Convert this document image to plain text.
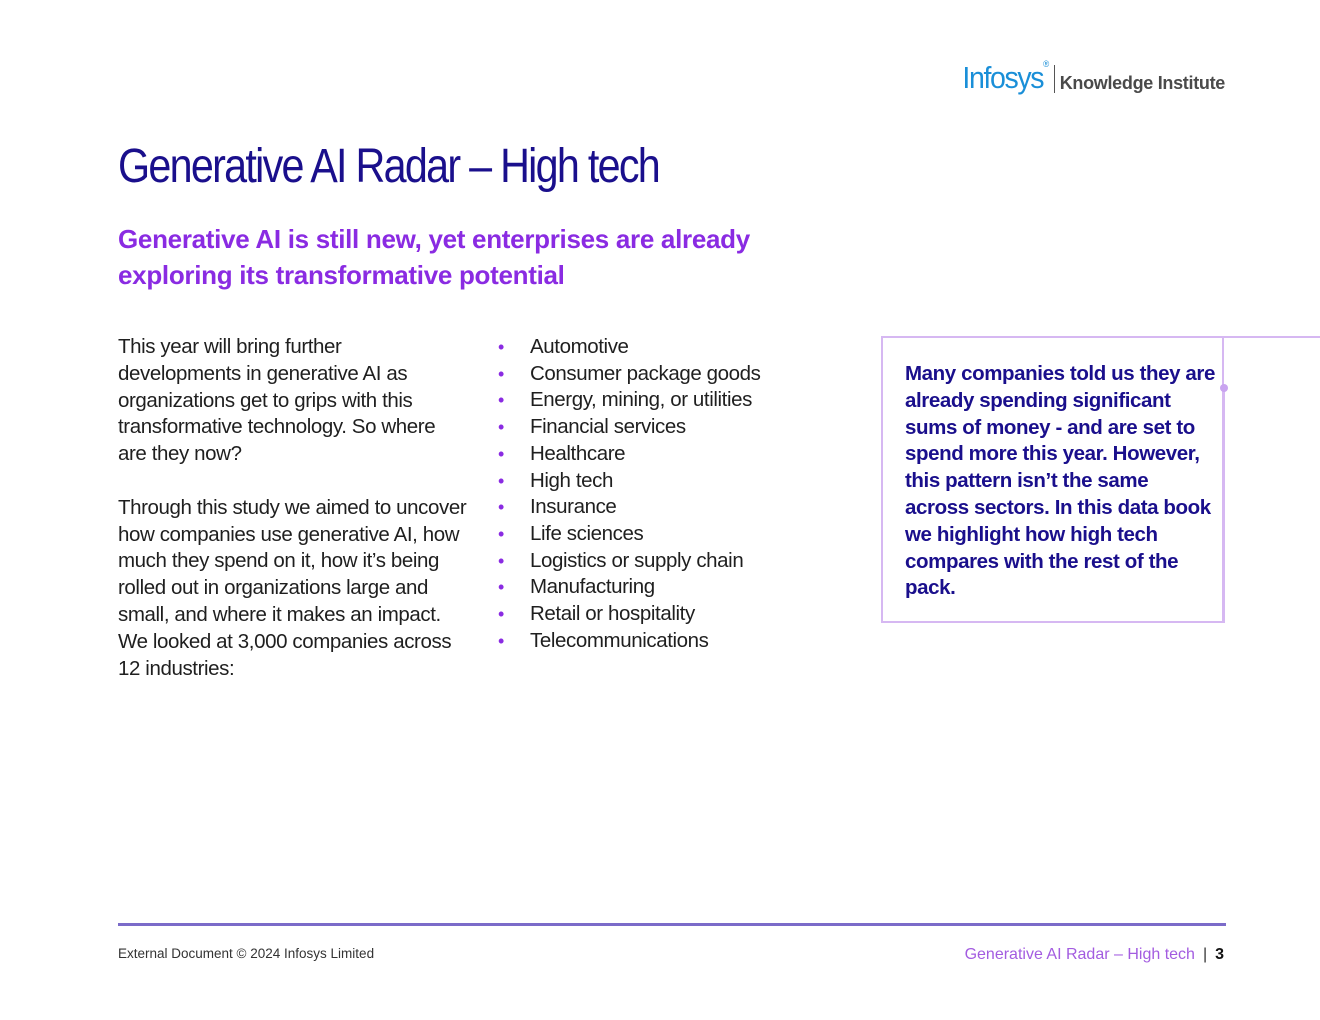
Infosys®
Knowledge Institute
Generative AI Radar – High tech
Generative AI is still new, yet enterprises are already exploring its transformative potential

This year will bring further developments in generative AI as organizations get to grips with this transformative technology. So where are they now?

Through this study we aimed to uncover how companies use generative AI, how much they spend on it, how it’s being rolled out in organizations large and small, and where it makes an impact. We looked at 3,000 companies across 12 industries:

• Automotive
• Consumer package goods
• Energy, mining, or utilities
• Financial services
• Healthcare
• High tech
• Insurance
• Life sciences
• Logistics or supply chain
• Manufacturing
• Retail or hospitality
• Telecommunications

Many companies told us they are already spending significant sums of money - and are set to spend more this year. However, this pattern isn’t the same across sectors. In this data book we highlight how high tech compares with the rest of the pack.

External Document © 2024 Infosys Limited	Generative AI Radar – High tech | 3
